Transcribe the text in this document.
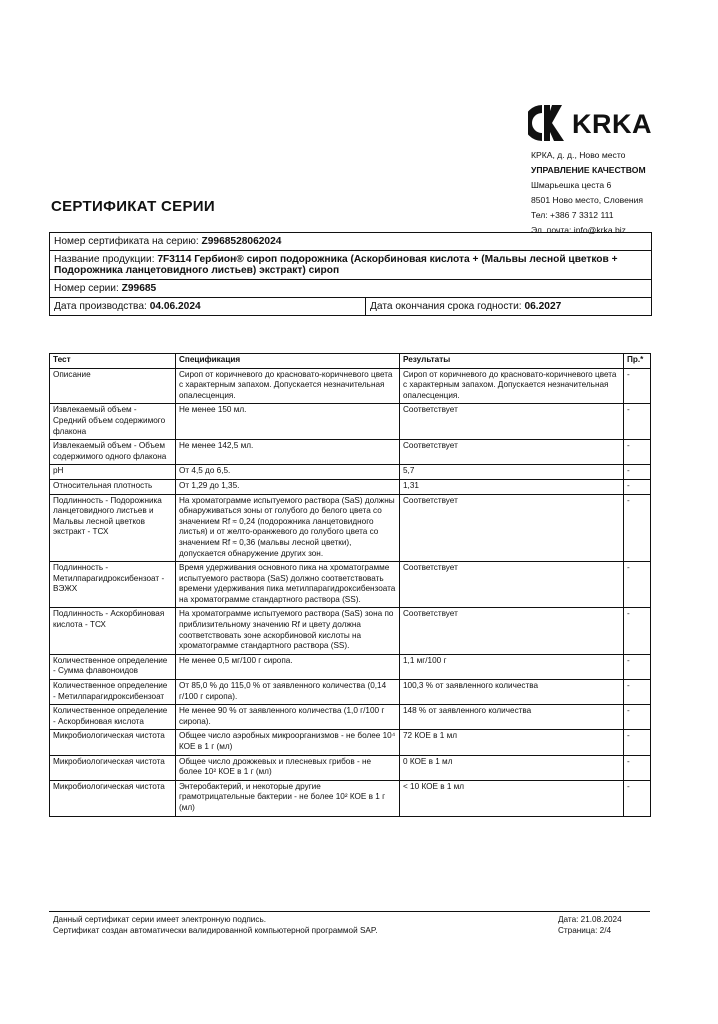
KRKA
КРКА, д. д., Ново место
УПРАВЛЕНИЕ КАЧЕСТВОМ
Шмарьешка цеста 6
8501 Ново место, Словения
Тел: +386 7 3312 111
Эл. почта: info@krka.biz
СЕРТИФИКАТ СЕРИИ
Номер сертификата на серию: Z9968528062024
Название продукции: 7F3114 Гербион® сироп подорожника (Аскорбиновая кислота + (Мальвы лесной цветков + Подорожника ланцетовидного листьев) экстракт) сироп
Номер серии: Z99685
Дата производства: 04.06.2024	Дата окончания срока годности: 06.2027
Тест	Спецификация	Результаты	Пр.*
Описание	Сироп от коричневого до красновато-коричневого цвета с характерным запахом. Допускается незначительная опалесценция.	Сироп от коричневого до красновато-коричневого цвета с характерным запахом. Допускается незначительная опалесценция.	-
Извлекаемый объем - Средний объем содержимого флакона	Не менее 150 мл.	Соответствует	-
Извлекаемый объем - Объем содержимого одного флакона	Не менее 142,5 мл.	Соответствует	-
pH	От 4,5 до 6,5.	5,7	-
Относительная плотность	От 1,29 до 1,35.	1,31	-
Подлинность - Подорожника ланцетовидного листьев и Мальвы лесной цветков экстракт - ТСХ	На хроматограмме испытуемого раствора (SaS) должны обнаруживаться зоны от голубого до белого цвета со значением Rf ≈ 0,24 (подорожника ланцетовидного листья) и от желто-оранжевого до голубого цвета со значением Rf ≈ 0,36 (мальвы лесной цветки), допускается обнаружение других зон.	Соответствует	-
Подлинность - Метилпарагидроксибензоат - ВЭЖХ	Время удерживания основного пика на хроматограмме испытуемого раствора (SaS) должно соответствовать времени удерживания пика метилпарагидроксибензоата на хроматограмме стандартного раствора (SS).	Соответствует	-
Подлинность - Аскорбиновая кислота - ТСХ	На хроматограмме испытуемого раствора (SaS) зона по приблизительному значению Rf и цвету должна соответствовать зоне аскорбиновой кислоты на хроматограмме стандартного раствора (SS).	Соответствует	-
Количественное определение - Сумма флавоноидов	Не менее 0,5 мг/100 г сиропа.	1,1 мг/100 г	-
Количественное определение - Метилпарагидроксибензоат	От 85,0 % до 115,0 % от заявленного количества (0,14 г/100 г сиропа).	100,3 % от заявленного количества	-
Количественное определение - Аскорбиновая кислота	Не менее 90 % от заявленного количества (1,0 г/100 г сиропа).	148 % от заявленного количества	-
Микробиологическая чистота	Общее число аэробных микроорганизмов - не более 10⁴ КОЕ в 1 г (мл)	72 КОЕ в 1 мл	-
Микробиологическая чистота	Общее число дрожжевых и плесневых грибов - не более 10² КОЕ в 1 г (мл)	0 КОЕ в 1 мл	-
Микробиологическая чистота	Энтеробактерий, и некоторые другие грамотрицательные бактерии - не более 10² КОЕ в 1 г (мл)	< 10 КОЕ в 1 мл	-
Данный сертификат серии имеет электронную подпись.
Сертификат создан автоматически валидированной компьютерной программой SAP.
Дата: 21.08.2024
Страница: 2/4
